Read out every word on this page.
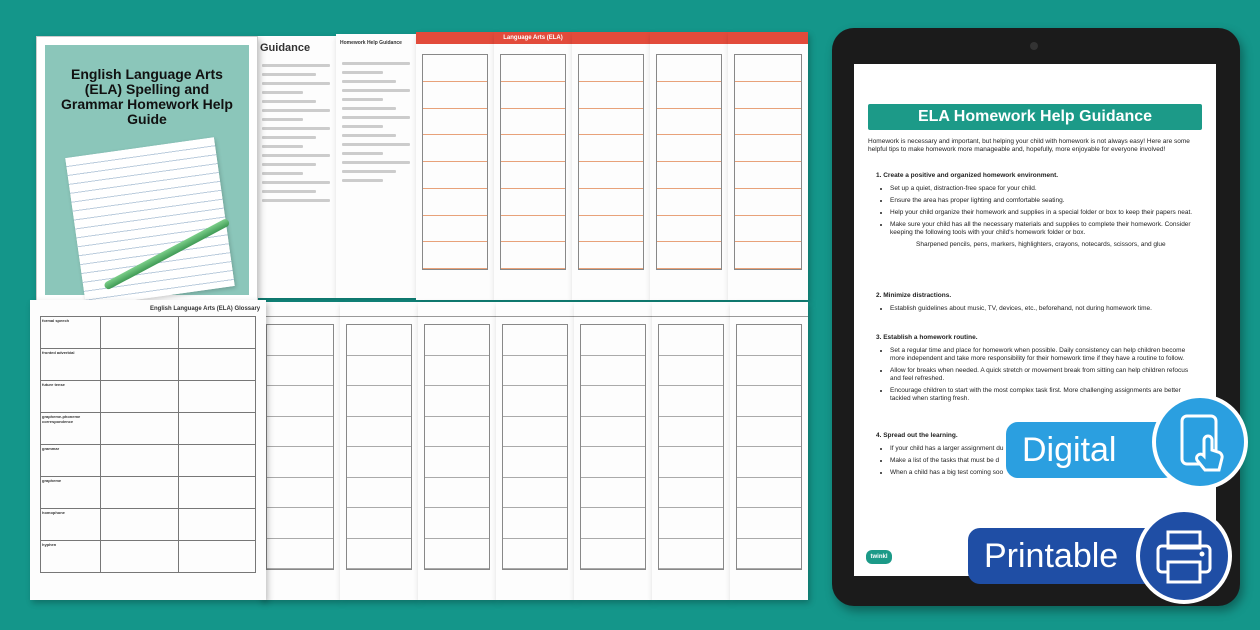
Guidance	Homework Help Guidance
Language Arts (ELA) Glossary
English Language Arts (ELA) Spelling and Grammar Homework Help Guide
English Language Arts (ELA) Glossary
formal speech		
fronted adverbial		
future tense		
grapheme-phoneme correspondence		
grammar		
grapheme		
homophone		
hyphen		
ELA Homework Help Guidance
Homework is necessary and important, but helping your child with homework is not always easy! Here are some helpful tips to make homework more manageable and, hopefully, more enjoyable for everyone involved!
1. Create a positive and organized homework environment.
• Set up a quiet, distraction-free space for your child.
• Ensure the area has proper lighting and comfortable seating.
• Help your child organize their homework and supplies in a special folder or box to keep their papers neat.
• Make sure your child has all the necessary materials and supplies to complete their homework. Consider keeping the following tools with your child's homework folder or box.
Sharpened pencils, pens, markers, highlighters, crayons, notecards, scissors, and glue
2. Minimize distractions.
• Establish guidelines about music, TV, devices, etc., beforehand, not during homework time.
3. Establish a homework routine.
• Set a regular time and place for homework when possible. Daily consistency can help children become more independent and take more responsibility for their homework time if they have a routine to follow.
• Allow for breaks when needed. A quick stretch or movement break from sitting can help children refocus and feel refreshed.
• Encourage children to start with the most complex task first. More challenging assignments are better tackled when starting fresh.
4. Spread out the learning.
• If your child has a larger assignment du
• Make a list of the tasks that must be d
• When a child has a big test coming soo
twinkl
Digital
Printable
